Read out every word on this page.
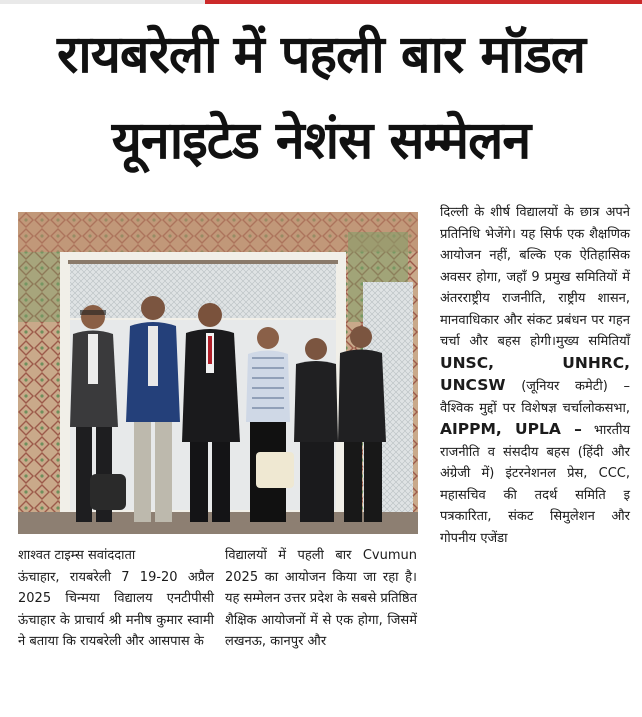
रायबरेली में पहली बार मॉडल
यूनाइटेड नेशंस सम्मेलन

शाश्वत टाइम्स सवांददाता

ऊंचाहार, रायबरेली 7 19-20 अप्रैल 2025 चिन्मया विद्यालय एनटीपीसी ऊंचाहार के प्राचार्य श्री मनीष कुमार स्वामी ने बताया कि रायबरेली और आसपास के

विद्यालयों में पहली बार Cvumun 2025 का आयोजन किया जा रहा है। यह सम्मेलन उत्तर प्रदेश के सबसे प्रतिष्ठित शैक्षिक आयोजनों में से एक होगा, जिसमें लखनऊ, कानपुर और

दिल्ली के शीर्ष विद्यालयों के छात्र अपने प्रतिनिधि भेजेंगे। यह सिर्फ एक शैक्षणिक आयोजन नहीं, बल्कि एक ऐतिहासिक अवसर होगा, जहाँ 9 प्रमुख समितियों में अंतरराष्ट्रीय राजनीति, राष्ट्रीय शासन, मानवाधिकार और संकट प्रबंधन पर गहन चर्चा और बहस होगी।मुख्य समितियाँ UNSC, UNHRC, UNCSW (जूनियर कमेटी) – वैश्विक मुद्दों पर विशेषज्ञ चर्चालोकसभा, AIPPM, UPLA – भारतीय राजनीति व संसदीय बहस (हिंदी और अंग्रेजी में) इंटरनेशनल प्रेस, CCC, महासचिव की तदर्थ समिति इ पत्रकारिता, संकट सिमुलेशन और गोपनीय एजेंडा
